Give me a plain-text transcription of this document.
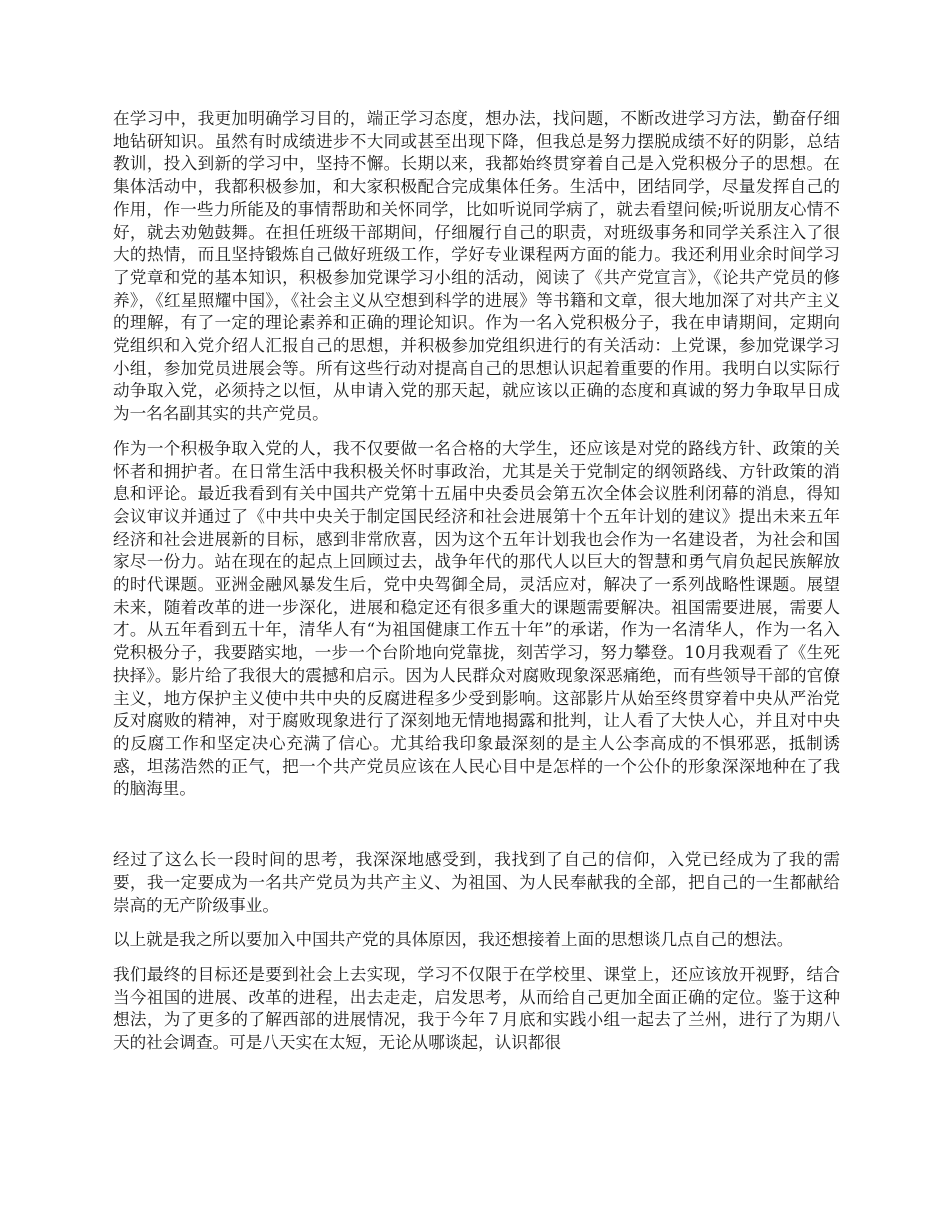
在学习中，我更加明确学习目的，端正学习态度，想办法，找问题，不断改进学习方法，勤奋仔细地钻研知识。虽然有时成绩进步不大同或甚至出现下降，但我总是努力摆脱成绩不好的阴影，总结教训，投入到新的学习中，坚持不懈。长期以来，我都始终贯穿着自己是入党积极分子的思想。在集体活动中，我都积极参加，和大家积极配合完成集体任务。生活中，团结同学，尽量发挥自己的作用，作一些力所能及的事情帮助和关怀同学，比如听说同学病了，就去看望问候;听说朋友心情不好，就去劝勉鼓舞。在担任班级干部期间，仔细履行自己的职责，对班级事务和同学关系注入了很大的热情，而且坚持锻炼自己做好班级工作，学好专业课程两方面的能力。我还利用业余时间学习了党章和党的基本知识，积极参加党课学习小组的活动，阅读了《共产党宣言》，《论共产党员的修养》，《红星照耀中国》，《社会主义从空想到科学的进展》等书籍和文章，很大地加深了对共产主义的理解，有了一定的理论素养和正确的理论知识。作为一名入党积极分子，我在申请期间，定期向党组织和入党介绍人汇报自己的思想，并积极参加党组织进行的有关活动：上党课，参加党课学习小组，参加党员进展会等。所有这些行动对提高自己的思想认识起着重要的作用。我明白以实际行动争取入党，必须持之以恒，从申请入党的那天起，就应该以正确的态度和真诚的努力争取早日成为一名名副其实的共产党员。

作为一个积极争取入党的人，我不仅要做一名合格的大学生，还应该是对党的路线方针、政策的关怀者和拥护者。在日常生活中我积极关怀时事政治，尤其是关于党制定的纲领路线、方针政策的消息和评论。最近我看到有关中国共产党第十五届中央委员会第五次全体会议胜利闭幕的消息，得知会议审议并通过了《中共中央关于制定国民经济和社会进展第十个五年计划的建议》提出未来五年经济和社会进展新的目标，感到非常欣喜，因为这个五年计划我也会作为一名建设者，为社会和国家尽一份力。站在现在的起点上回顾过去，战争年代的那代人以巨大的智慧和勇气肩负起民族解放的时代课题。亚洲金融风暴发生后，党中央驾御全局，灵活应对，解决了一系列战略性课题。展望未来，随着改革的进一步深化，进展和稳定还有很多重大的课题需要解决。祖国需要进展，需要人才。从五年看到五十年，清华人有“为祖国健康工作五十年”的承诺，作为一名清华人，作为一名入党积极分子，我要踏实地，一步一个台阶地向党靠拢，刻苦学习，努力攀登。10月我观看了《生死抉择》。影片给了我很大的震撼和启示。因为人民群众对腐败现象深恶痛绝，而有些领导干部的官僚主义，地方保护主义使中共中央的反腐进程多少受到影响。这部影片从始至终贯穿着中央从严治党反对腐败的精神，对于腐败现象进行了深刻地无情地揭露和批判，让人看了大快人心，并且对中央的反腐工作和坚定决心充满了信心。尤其给我印象最深刻的是主人公李高成的不惧邪恶，抵制诱惑，坦荡浩然的正气，把一个共产党员应该在人民心目中是怎样的一个公仆的形象深深地种在了我的脑海里。

经过了这么长一段时间的思考，我深深地感受到，我找到了自己的信仰，入党已经成为了我的需要，我一定要成为一名共产党员为共产主义、为祖国、为人民奉献我的全部，把自己的一生都献给崇高的无产阶级事业。

以上就是我之所以要加入中国共产党的具体原因，我还想接着上面的思想谈几点自己的想法。

我们最终的目标还是要到社会上去实现，学习不仅限于在学校里、课堂上，还应该放开视野，结合当今祖国的进展、改革的进程，出去走走，启发思考，从而给自己更加全面正确的定位。鉴于这种想法，为了更多的了解西部的进展情况，我于今年７月底和实践小组一起去了兰州，进行了为期八天的社会调查。可是八天实在太短，无论从哪谈起，认识都很
